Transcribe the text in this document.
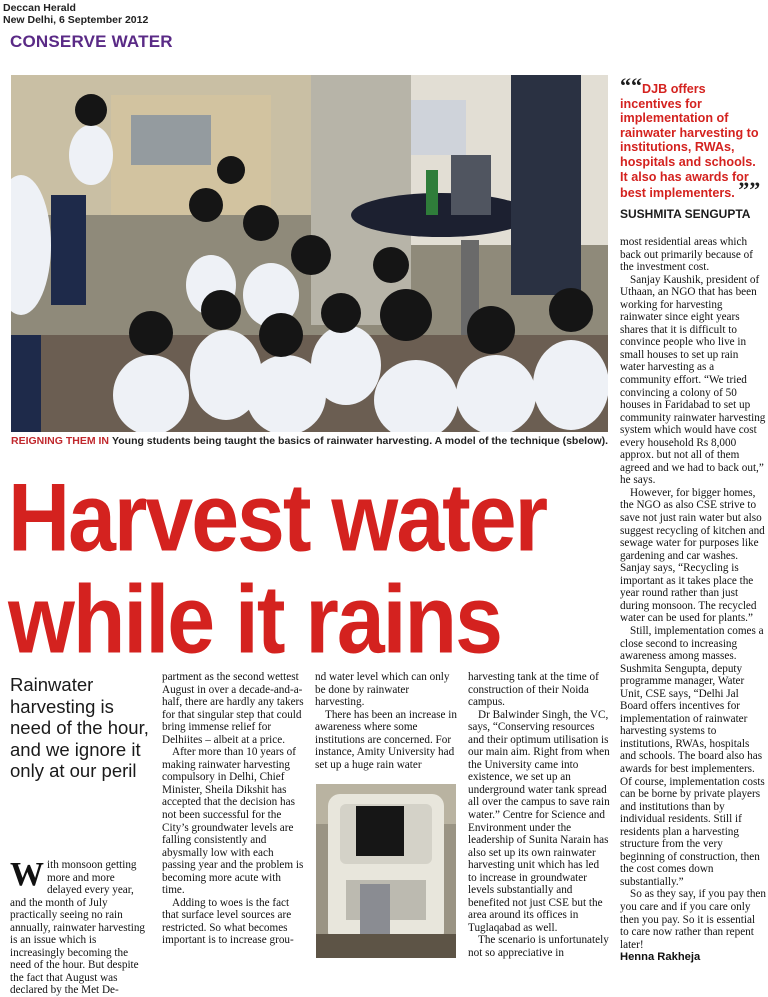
Deccan Herald
New Delhi, 6 September 2012
CONSERVE WATER
REIGNING THEM IN Young students being taught the basics of rainwater harvesting. A model of the technique (sbelow).
““DJB offers incentives for implementation of rainwater harvesting to institutions, RWAs, hospitals and schools. It also has awards for best implementers. ””
SUSHMITA SENGUPTA

most residential areas which back out primarily because of the investment cost.

Sanjay Kaushik, president of Uthaan, an NGO that has been working for harvesting rainwater since eight years shares that it is difficult to convince people who live in small houses to set up rain water harvesting as a community effort. “We tried convincing a colony of 50 houses in Faridabad to set up community rainwater harvesting system which would have cost every household Rs 8,000 approx. but not all of them agreed and we had to back out,” he says.

However, for bigger homes, the NGO as also CSE strive to save not just rain water but also suggest recycling of kitchen and sewage water for purposes like gardening and car washes. Sanjay says, “Recycling is important as it takes place the year round rather than just during monsoon. The recycled water can be used for plants.”

Still, implementation comes a close second to increasing awareness among masses. Sushmita Sengupta, deputy programme manager, Water Unit, CSE says, “Delhi Jal Board offers incentives for implementation of rainwater harvesting systems to institutions, RWAs, hospitals and schools. The board also has awards for best implementers. Of course, implementation costs can be borne by private players and institutions than by individual residents. Still if residents plan a harvesting structure from the very beginning of construction, then the cost comes down substantially.”

So as they say, if you pay then you care and if you care only then you pay. So it is essential to care now rather than repent later!

Henna Rakheja

Harvest water
while it rains
Rainwater harvesting is need of the hour, and we ignore it only at our peril

With monsoon getting more and more delayed every year, and the month of July practically seeing no rain annually, rainwater harvesting is an issue which is increasingly becoming the need of the hour. But despite the fact that August was declared by the Met De-

partment as the second wettest August in over a decade-and-a-half, there are hardly any takers for that singular step that could bring immense relief for Delhiites – albeit at a price.

After more than 10 years of making rainwater harvesting compulsory in Delhi, Chief Minister, Sheila Dikshit has accepted that the decision has not been successful for the City’s groundwater levels are falling consistently and abysmally low with each passing year and the problem is becoming more acute with time.

Adding to woes is the fact that surface level sources are restricted. So what becomes important is to increase grou-

nd water level which can only be done by rainwater harvesting.

There has been an increase in awareness where some institutions are concerned. For instance, Amity University had set up a huge rain water

harvesting tank at the time of construction of their Noida campus.

Dr Balwinder Singh, the VC, says, “Conserving resources and their optimum utilisation is our main aim. Right from when the University came into existence, we set up an underground water tank spread all over the campus to save rain water.” Centre for Science and Environment under the leadership of Sunita Narain has also set up its own rainwater harvesting unit which has led to increase in groundwater levels substantially and benefited not just CSE but the area around its offices in Tuglaqabad as well.

The scenario is unfortunately not so appreciative in
